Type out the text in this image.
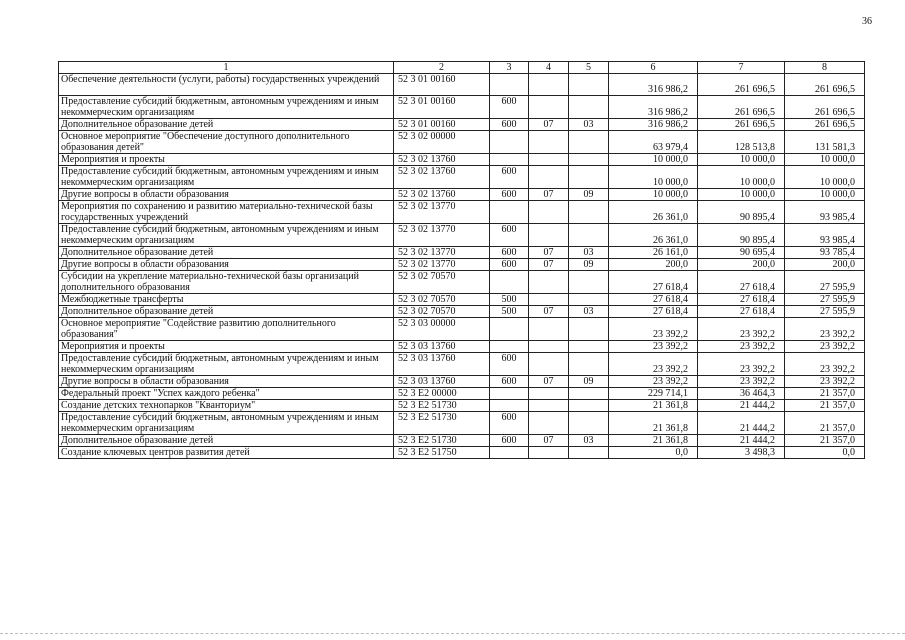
36
1	2	3	4	5	6	7	8
Обеспечение деятельности (услуги, работы) государственных учреждений	52 3 01 00160				316 986,2	261 696,5	261 696,5
Предоставление субсидий бюджетным, автономным учреждениям и иным некоммерческим организациям	52 3 01 00160	600			316 986,2	261 696,5	261 696,5
Дополнительное образование детей	52 3 01 00160	600	07	03	316 986,2	261 696,5	261 696,5
Основное мероприятие "Обеспечение доступного дополнительного образования детей"	52 3 02 00000				63 979,4	128 513,8	131 581,3
Мероприятия и проекты	52 3 02 13760				10 000,0	10 000,0	10 000,0
Предоставление субсидий бюджетным, автономным учреждениям и иным некоммерческим организациям	52 3 02 13760	600			10 000,0	10 000,0	10 000,0
Другие вопросы в области образования	52 3 02 13760	600	07	09	10 000,0	10 000,0	10 000,0
Мероприятия по сохранению и развитию материально-технической базы государственных учреждений	52 3 02 13770				26 361,0	90 895,4	93 985,4
Предоставление субсидий бюджетным, автономным учреждениям и иным некоммерческим организациям	52 3 02 13770	600			26 361,0	90 895,4	93 985,4
Дополнительное образование детей	52 3 02 13770	600	07	03	26 161,0	90 695,4	93 785,4
Другие вопросы в области образования	52 3 02 13770	600	07	09	200,0	200,0	200,0
Субсидии на укрепление материально-технической базы организаций дополнительного образования	52 3 02 70570				27 618,4	27 618,4	27 595,9
Межбюджетные трансферты	52 3 02 70570	500			27 618,4	27 618,4	27 595,9
Дополнительное образование детей	52 3 02 70570	500	07	03	27 618,4	27 618,4	27 595,9
Основное мероприятие "Содействие развитию дополнительного образования"	52 3 03 00000				23 392,2	23 392,2	23 392,2
Мероприятия и проекты	52 3 03 13760				23 392,2	23 392,2	23 392,2
Предоставление субсидий бюджетным, автономным учреждениям и иным некоммерческим организациям	52 3 03 13760	600			23 392,2	23 392,2	23 392,2
Другие вопросы в области образования	52 3 03 13760	600	07	09	23 392,2	23 392,2	23 392,2
Федеральный проект "Успех каждого ребенка"	52 3 E2 00000				229 714,1	36 464,3	21 357,0
Создание детских технопарков "Кванториум"	52 3 E2 51730				21 361,8	21 444,2	21 357,0
Предоставление субсидий бюджетным, автономным учреждениям и иным некоммерческим организациям	52 3 E2 51730	600			21 361,8	21 444,2	21 357,0
Дополнительное образование детей	52 3 E2 51730	600	07	03	21 361,8	21 444,2	21 357,0
Создание ключевых центров развития детей	52 3 E2 51750				0,0	3 498,3	0,0
